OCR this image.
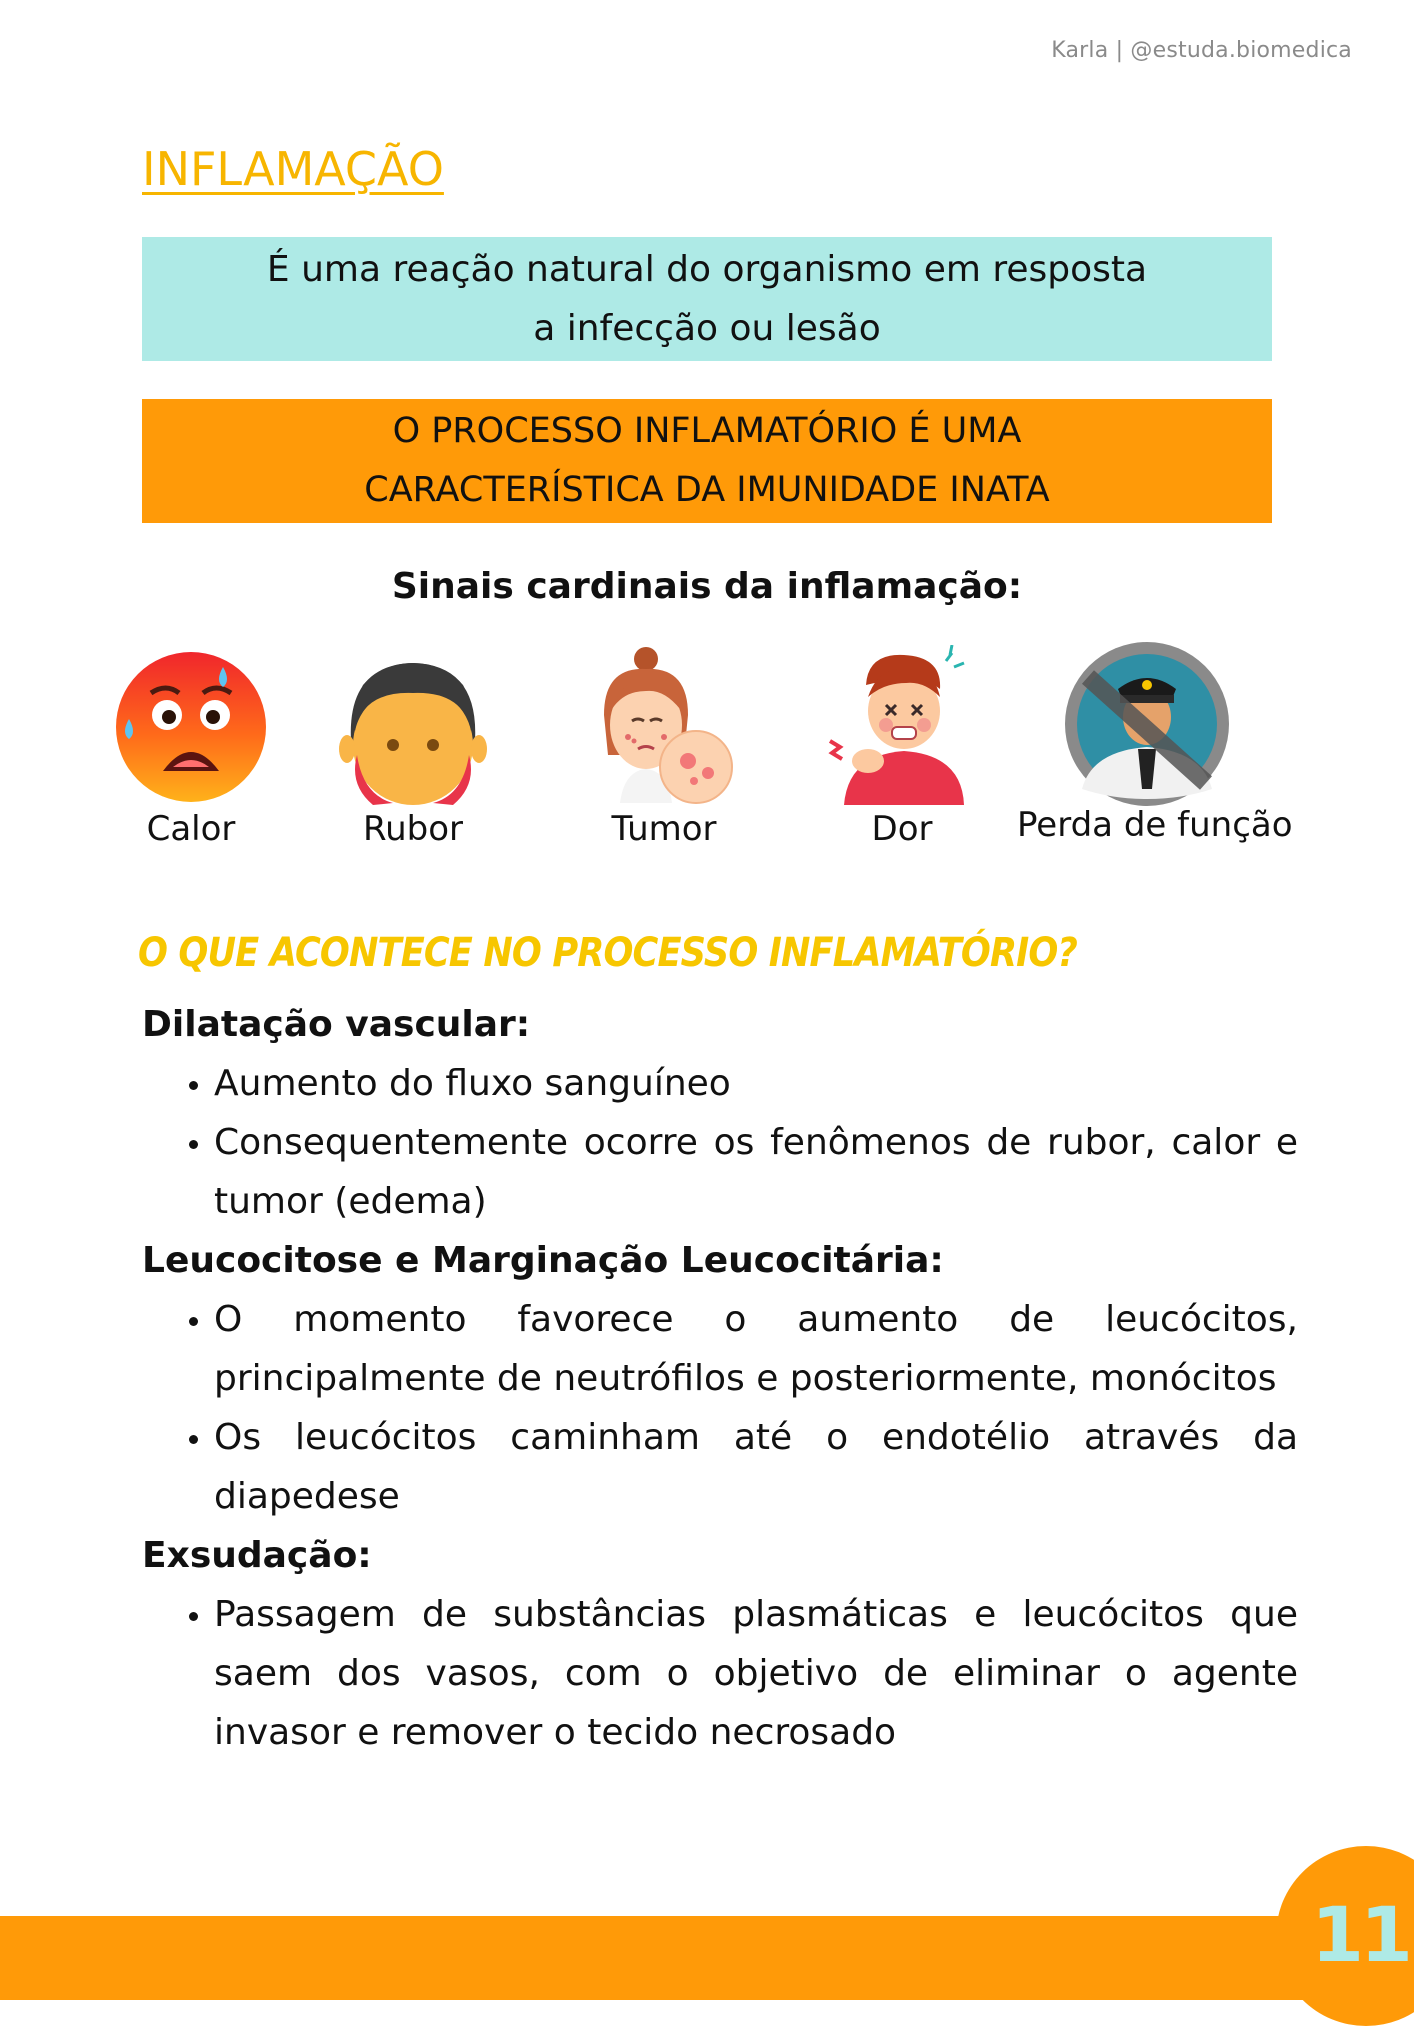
Karla | @estuda.biomedica
INFLAMAÇÃO
É uma reação natural do organismo em resposta
a infecção ou lesão
O PROCESSO INFLAMATÓRIO É UMA
CARACTERÍSTICA DA IMUNIDADE INATA
Sinais cardinais da inflamação:
Calor	Rubor	Tumor	Dor	Perda de função
O QUE ACONTECE NO PROCESSO INFLAMATÓRIO?

Dilatação vascular:

• Aumento do fluxo sanguíneo
• Consequentemente ocorre os fenômenos de rubor, calor e tumor (edema)

Leucocitose e Marginação Leucocitária:

• O momento favorece o aumento de leucócitos, principalmente de neutrófilos e posteriormente, monócitos
• Os leucócitos caminham até o endotélio através da diapedese

Exsudação:

• Passagem de substâncias plasmáticas e leucócitos que saem dos vasos, com o objetivo de eliminar o agente invasor e remover o tecido necrosado
11
